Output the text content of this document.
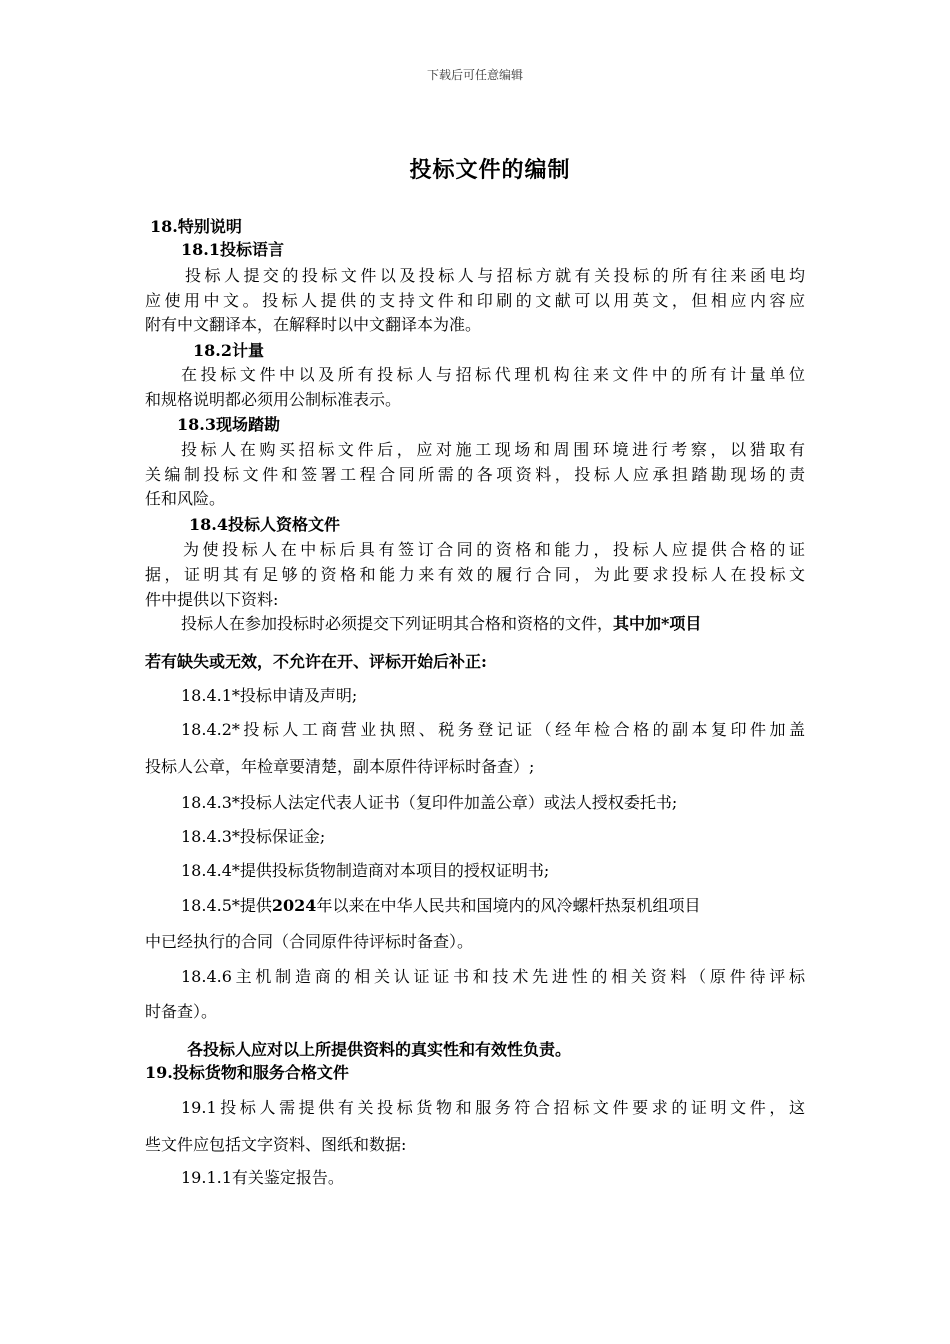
下载后可任意编辑
投标文件的编制
18.特别说明
18.1投标语言
投标人提交的投标文件以及投标人与招标方就有关投标的所有往来函电均
应使用中文。投标人提供的支持文件和印刷的文献可以用英文，但相应内容应
附有中文翻译本，在解释时以中文翻译本为准。
18.2计量
在投标文件中以及所有投标人与招标代理机构往来文件中的所有计量单位
和规格说明都必须用公制标准表示。
18.3现场踏勘
投标人在购买招标文件后，应对施工现场和周围环境进行考察，以猎取有
关编制投标文件和签署工程合同所需的各项资料，投标人应承担踏勘现场的责
任和风险。
18.4投标人资格文件
为使投标人在中标后具有签订合同的资格和能力，投标人应提供合格的证
据，证明其有足够的资格和能力来有效的履行合同，为此要求投标人在投标文
件中提供以下资料:
投标人在参加投标时必须提交下列证明其合格和资格的文件，其中加*项目
若有缺失或无效，不允许在开、评标开始后补正:
18.4.1*投标申请及声明;
18.4.2*投标人工商营业执照、税务登记证（经年检合格的副本复印件加盖
投标人公章，年检章要清楚，副本原件待评标时备查）;
18.4.3*投标人法定代表人证书（复印件加盖公章）或法人授权委托书;
18.4.3*投标保证金;
18.4.4*提供投标货物制造商对本项目的授权证明书;
18.4.5*提供2024年以来在中华人民共和国境内的风冷螺杆热泵机组项目
中已经执行的合同（合同原件待评标时备查）。
18.4.6主机制造商的相关认证证书和技术先进性的相关资料（原件待评标
时备查）。
各投标人应对以上所提供资料的真实性和有效性负责。
19.投标货物和服务合格文件
19.1投标人需提供有关投标货物和服务符合招标文件要求的证明文件，这
些文件应包括文字资料、图纸和数据:
19.1.1有关鉴定报告。
